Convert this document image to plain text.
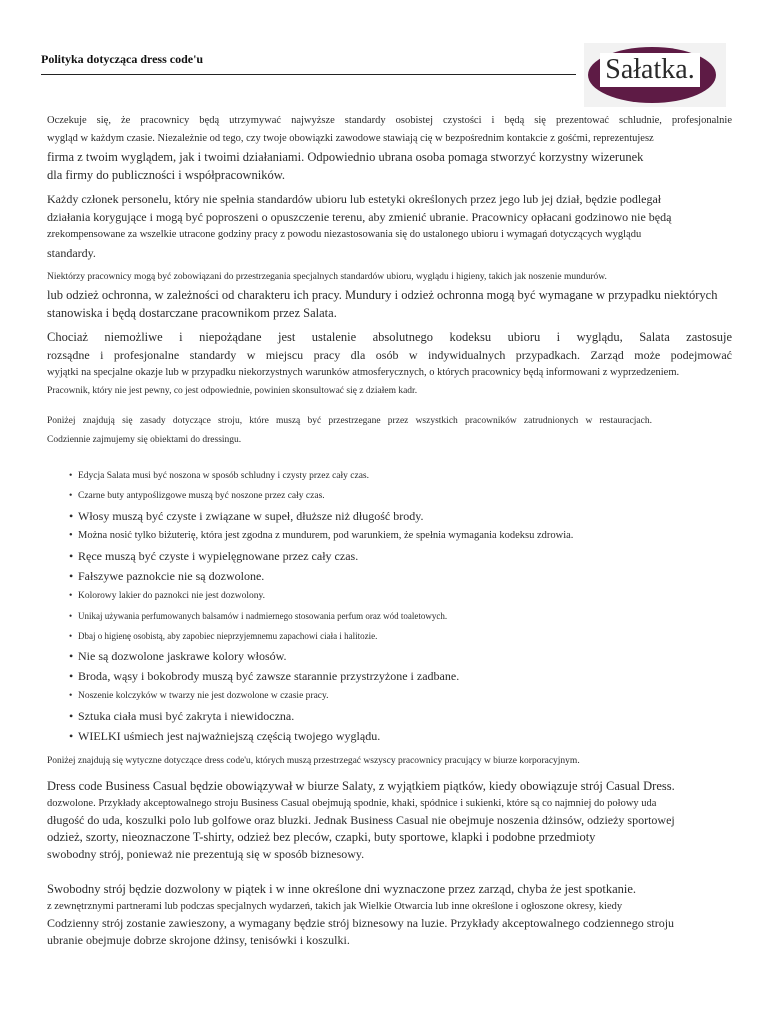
Polityka dotycząca dress code'u	Sałatka.

Oczekuje się, że pracownicy będą utrzymywać najwyższe standardy osobistej czystości i będą się prezentować schludnie, profesjonalnie
wygląd w każdym czasie. Niezależnie od tego, czy twoje obowiązki zawodowe stawiają cię w bezpośrednim kontakcie z gośćmi, reprezentujesz
firma z twoim wyglądem, jak i twoimi działaniami. Odpowiednio ubrana osoba pomaga stworzyć korzystny wizerunek
dla firmy do publiczności i współpracowników.

Każdy członek personelu, który nie spełnia standardów ubioru lub estetyki określonych przez jego lub jej dział, będzie podlegał
działania korygujące i mogą być poproszeni o opuszczenie terenu, aby zmienić ubranie. Pracownicy opłacani godzinowo nie będą
zrekompensowane za wszelkie utracone godziny pracy z powodu niezastosowania się do ustalonego ubioru i wymagań dotyczących wyglądu
standardy.

Niektórzy pracownicy mogą być zobowiązani do przestrzegania specjalnych standardów ubioru, wyglądu i higieny, takich jak noszenie mundurów.
lub odzież ochronna, w zależności od charakteru ich pracy. Mundury i odzież ochronna mogą być wymagane w przypadku niektórych
stanowiska i będą dostarczane pracownikom przez Salata.

Chociaż niemożliwe i niepożądane jest ustalenie absolutnego kodeksu ubioru i wyglądu, Salata zastosuje
rozsądne i profesjonalne standardy w miejscu pracy dla osób w indywidualnych przypadkach. Zarząd może podejmować
wyjątki na specjalne okazje lub w przypadku niekorzystnych warunków atmosferycznych, o których pracownicy będą informowani z wyprzedzeniem.
Pracownik, który nie jest pewny, co jest odpowiednie, powinien skonsultować się z działem kadr.

Poniżej znajdują się zasady dotyczące stroju, które muszą być przestrzegane przez wszystkich pracowników zatrudnionych w restauracjach.
Codziennie zajmujemy się obiektami do dressingu.

• Edycja Salata musi być noszona w sposób schludny i czysty przez cały czas.
• Czarne buty antypoślizgowe muszą być noszone przez cały czas.
• Włosy muszą być czyste i związane w supeł, dłuższe niż długość brody.
• Można nosić tylko biżuterię, która jest zgodna z mundurem, pod warunkiem, że spełnia wymagania kodeksu zdrowia.
• Ręce muszą być czyste i wypielęgnowane przez cały czas.
• Fałszywe paznokcie nie są dozwolone.
• Kolorowy lakier do paznokci nie jest dozwolony.
• Unikaj używania perfumowanych balsamów i nadmiernego stosowania perfum oraz wód toaletowych.
• Dbaj o higienę osobistą, aby zapobiec nieprzyjemnemu zapachowi ciała i halitozie.
• Nie są dozwolone jaskrawe kolory włosów.
• Broda, wąsy i bokobrody muszą być zawsze starannie przystrzyżone i zadbane.
• Noszenie kolczyków w twarzy nie jest dozwolone w czasie pracy.
• Sztuka ciała musi być zakryta i niewidoczna.
• WIELKI uśmiech jest najważniejszą częścią twojego wyglądu.

Poniżej znajdują się wytyczne dotyczące dress code'u, których muszą przestrzegać wszyscy pracownicy pracujący w biurze korporacyjnym.

Dress code Business Casual będzie obowiązywał w biurze Salaty, z wyjątkiem piątków, kiedy obowiązuje strój Casual Dress.
dozwolone. Przykłady akceptowalnego stroju Business Casual obejmują spodnie, khaki, spódnice i sukienki, które są co najmniej do połowy uda
długość do uda, koszulki polo lub golfowe oraz bluzki. Jednak Business Casual nie obejmuje noszenia dżinsów, odzieży sportowej
odzież, szorty, nieoznaczone T-shirty, odzież bez pleców, czapki, buty sportowe, klapki i podobne przedmioty
swobodny strój, ponieważ nie prezentują się w sposób biznesowy.

Swobodny strój będzie dozwolony w piątek i w inne określone dni wyznaczone przez zarząd, chyba że jest spotkanie.
z zewnętrznymi partnerami lub podczas specjalnych wydarzeń, takich jak Wielkie Otwarcia lub inne określone i ogłoszone okresy, kiedy
Codzienny strój zostanie zawieszony, a wymagany będzie strój biznesowy na luzie. Przykłady akceptowalnego codziennego stroju
ubranie obejmuje dobrze skrojone dżinsy, tenisówki i koszulki.
